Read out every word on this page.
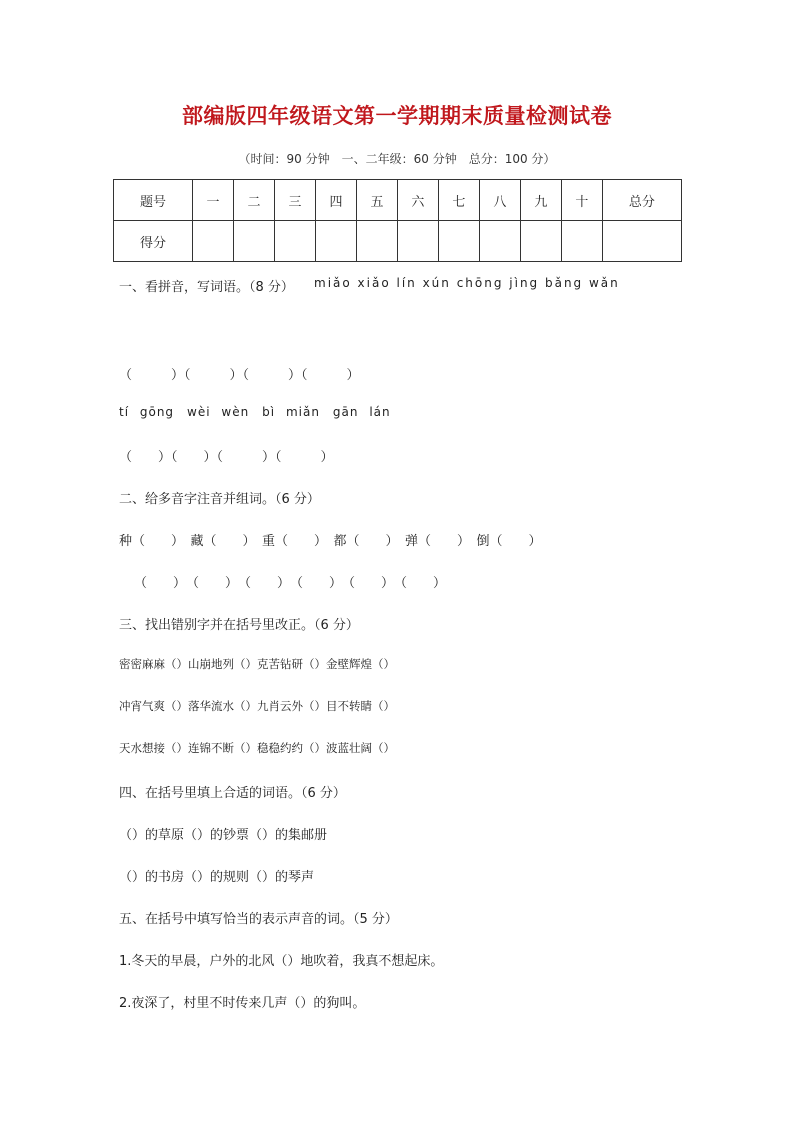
部编版四年级语文第一学期期末质量检测试卷
（时间：90 分钟　一、二年级：60 分钟　总分：100 分）
题号	一	二	三	四	五	六	七	八	九	十	总分
得分											
一、看拼音，写词语。（8 分） miǎo xiǎo lín xún chōng jìng bǎng wǎn
（　　　）（　　　）（　　　）（　　　）
tí gōng　wèi wèn　bì miǎn　gān lán
（　　）（　　）（　　　）（　　　）
二、给多音字注音并组词。（6 分）
种（　　）　藏（　　）　重（　　）　都（　　）　弹（　　）　倒（　　）
（　　）　（　　）　（　　）　（　　）　（　　）　（　　）
三、找出错别字并在括号里改正。（6 分）
密密麻麻（）山崩地列（）克苦钻研（）金壁辉煌（）
冲宵气爽（）落华流水（）九肖云外（）目不转睛（）
天水想接（）连锦不断（）稳稳约约（）波蓝壮阔（）
四、在括号里填上合适的词语。（6 分）
（）的草原（）的钞票（）的集邮册
（）的书房（）的规则（）的琴声
五、在括号中填写恰当的表示声音的词。（5 分）
1.冬天的早晨，户外的北风（）地吹着，我真不想起床。
2.夜深了，村里不时传来几声（）的狗叫。
